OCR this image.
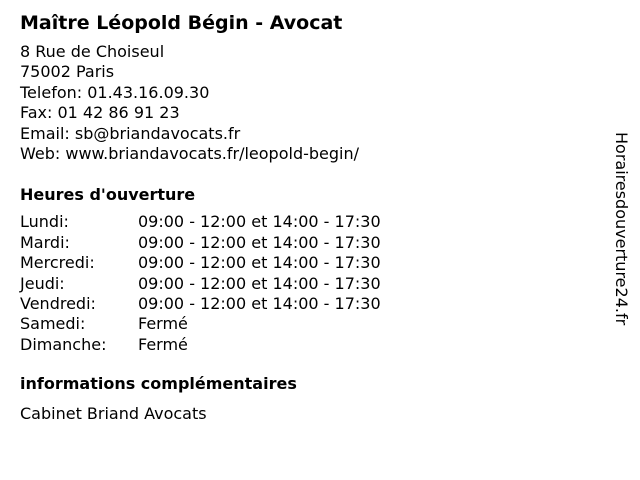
Maître Léopold Bégin - Avocat
8 Rue de Choiseul
75002 Paris
Telefon: 01.43.16.09.30
Fax: 01 42 86 91 23
Email: sb@briandavocats.fr
Web: www.briandavocats.fr/leopold-begin/
Heures d'ouverture
Lundi:	09:00 - 12:00 et 14:00 - 17:30
Mardi:	09:00 - 12:00 et 14:00 - 17:30
Mercredi:	09:00 - 12:00 et 14:00 - 17:30
Jeudi:	09:00 - 12:00 et 14:00 - 17:30
Vendredi:	09:00 - 12:00 et 14:00 - 17:30
Samedi:	Fermé
Dimanche:	Fermé
informations complémentaires
Cabinet Briand Avocats
Horairesdouverture24.fr
